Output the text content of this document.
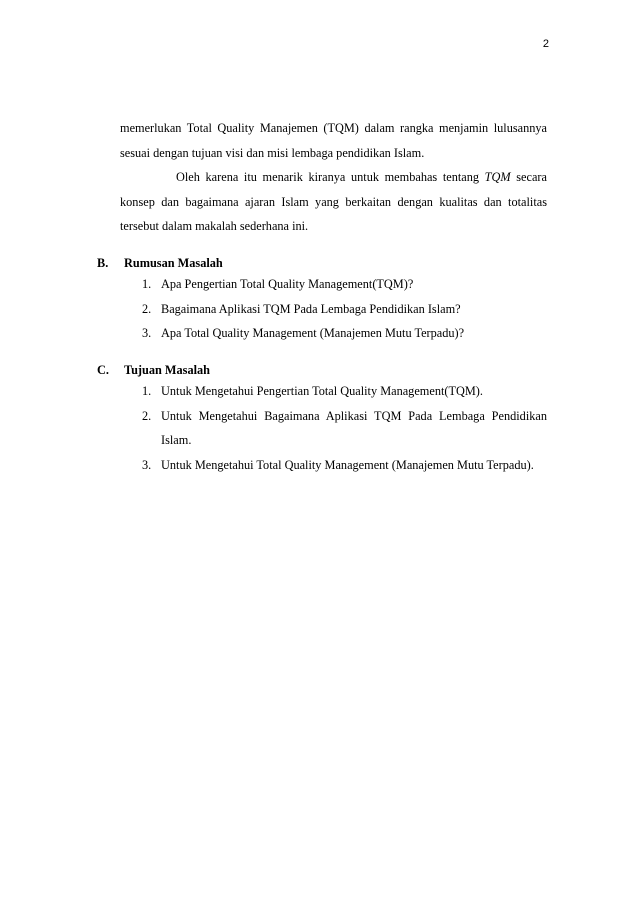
2

memerlukan Total Quality Manajemen (TQM) dalam rangka menjamin lulusannya sesuai dengan tujuan visi dan misi lembaga pendidikan Islam.

Oleh karena itu menarik kiranya untuk membahas tentang TQM secara konsep dan bagaimana ajaran Islam yang berkaitan dengan kualitas dan totalitas tersebut dalam makalah sederhana ini.

B. Rumusan Masalah
1. Apa Pengertian Total Quality Management(TQM)?
2. Bagaimana Aplikasi TQM Pada Lembaga Pendidikan Islam?
3. Apa Total Quality Management (Manajemen Mutu Terpadu)?
C. Tujuan Masalah
1. Untuk Mengetahui Pengertian Total Quality Management(TQM).
2. Untuk Mengetahui Bagaimana Aplikasi TQM Pada Lembaga Pendidikan Islam.
3. Untuk Mengetahui Total Quality Management (Manajemen Mutu Terpadu).
